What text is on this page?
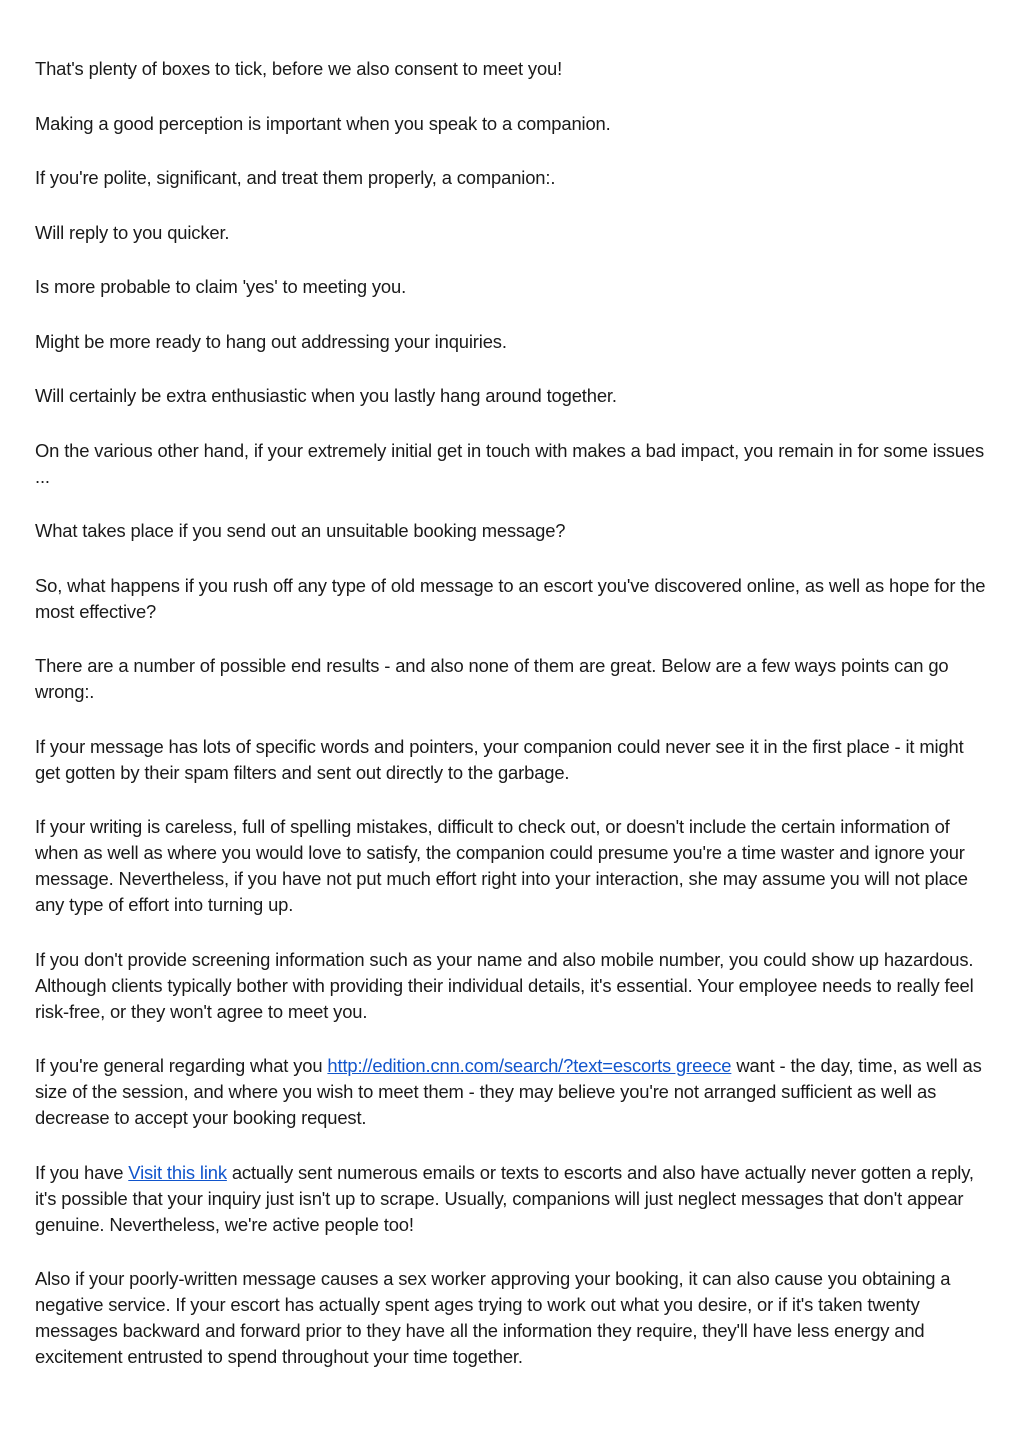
That's plenty of boxes to tick, before we also consent to meet you!

Making a good perception is important when you speak to a companion.

If you're polite, significant, and treat them properly, a companion:.

Will reply to you quicker.

Is more probable to claim 'yes' to meeting you.

Might be more ready to hang out addressing your inquiries.

Will certainly be extra enthusiastic when you lastly hang around together.

On the various other hand, if your extremely initial get in touch with makes a bad impact, you remain in for some issues ...

What takes place if you send out an unsuitable booking message?

So, what happens if you rush off any type of old message to an escort you've discovered online, as well as hope for the most effective?

There are a number of possible end results - and also none of them are great. Below are a few ways points can go wrong:.

If your message has lots of specific words and pointers, your companion could never see it in the first place - it might get gotten by their spam filters and sent out directly to the garbage.

If your writing is careless, full of spelling mistakes, difficult to check out, or doesn't include the certain information of when as well as where you would love to satisfy, the companion could presume you're a time waster and ignore your message. Nevertheless, if you have not put much effort right into your interaction, she may assume you will not place any type of effort into turning up.

If you don't provide screening information such as your name and also mobile number, you could show up hazardous. Although clients typically bother with providing their individual details, it's essential. Your employee needs to really feel risk-free, or they won't agree to meet you.

If you're general regarding what you http://edition.cnn.com/search/?text=escorts greece want - the day, time, as well as size of the session, and where you wish to meet them - they may believe you're not arranged sufficient as well as decrease to accept your booking request.

If you have Visit this link actually sent numerous emails or texts to escorts and also have actually never gotten a reply, it's possible that your inquiry just isn't up to scrape. Usually, companions will just neglect messages that don't appear genuine. Nevertheless, we're active people too!

Also if your poorly-written message causes a sex worker approving your booking, it can also cause you obtaining a negative service. If your escort has actually spent ages trying to work out what you desire, or if it's taken twenty messages backward and forward prior to they have all the information they require, they'll have less energy and excitement entrusted to spend throughout your time together.
